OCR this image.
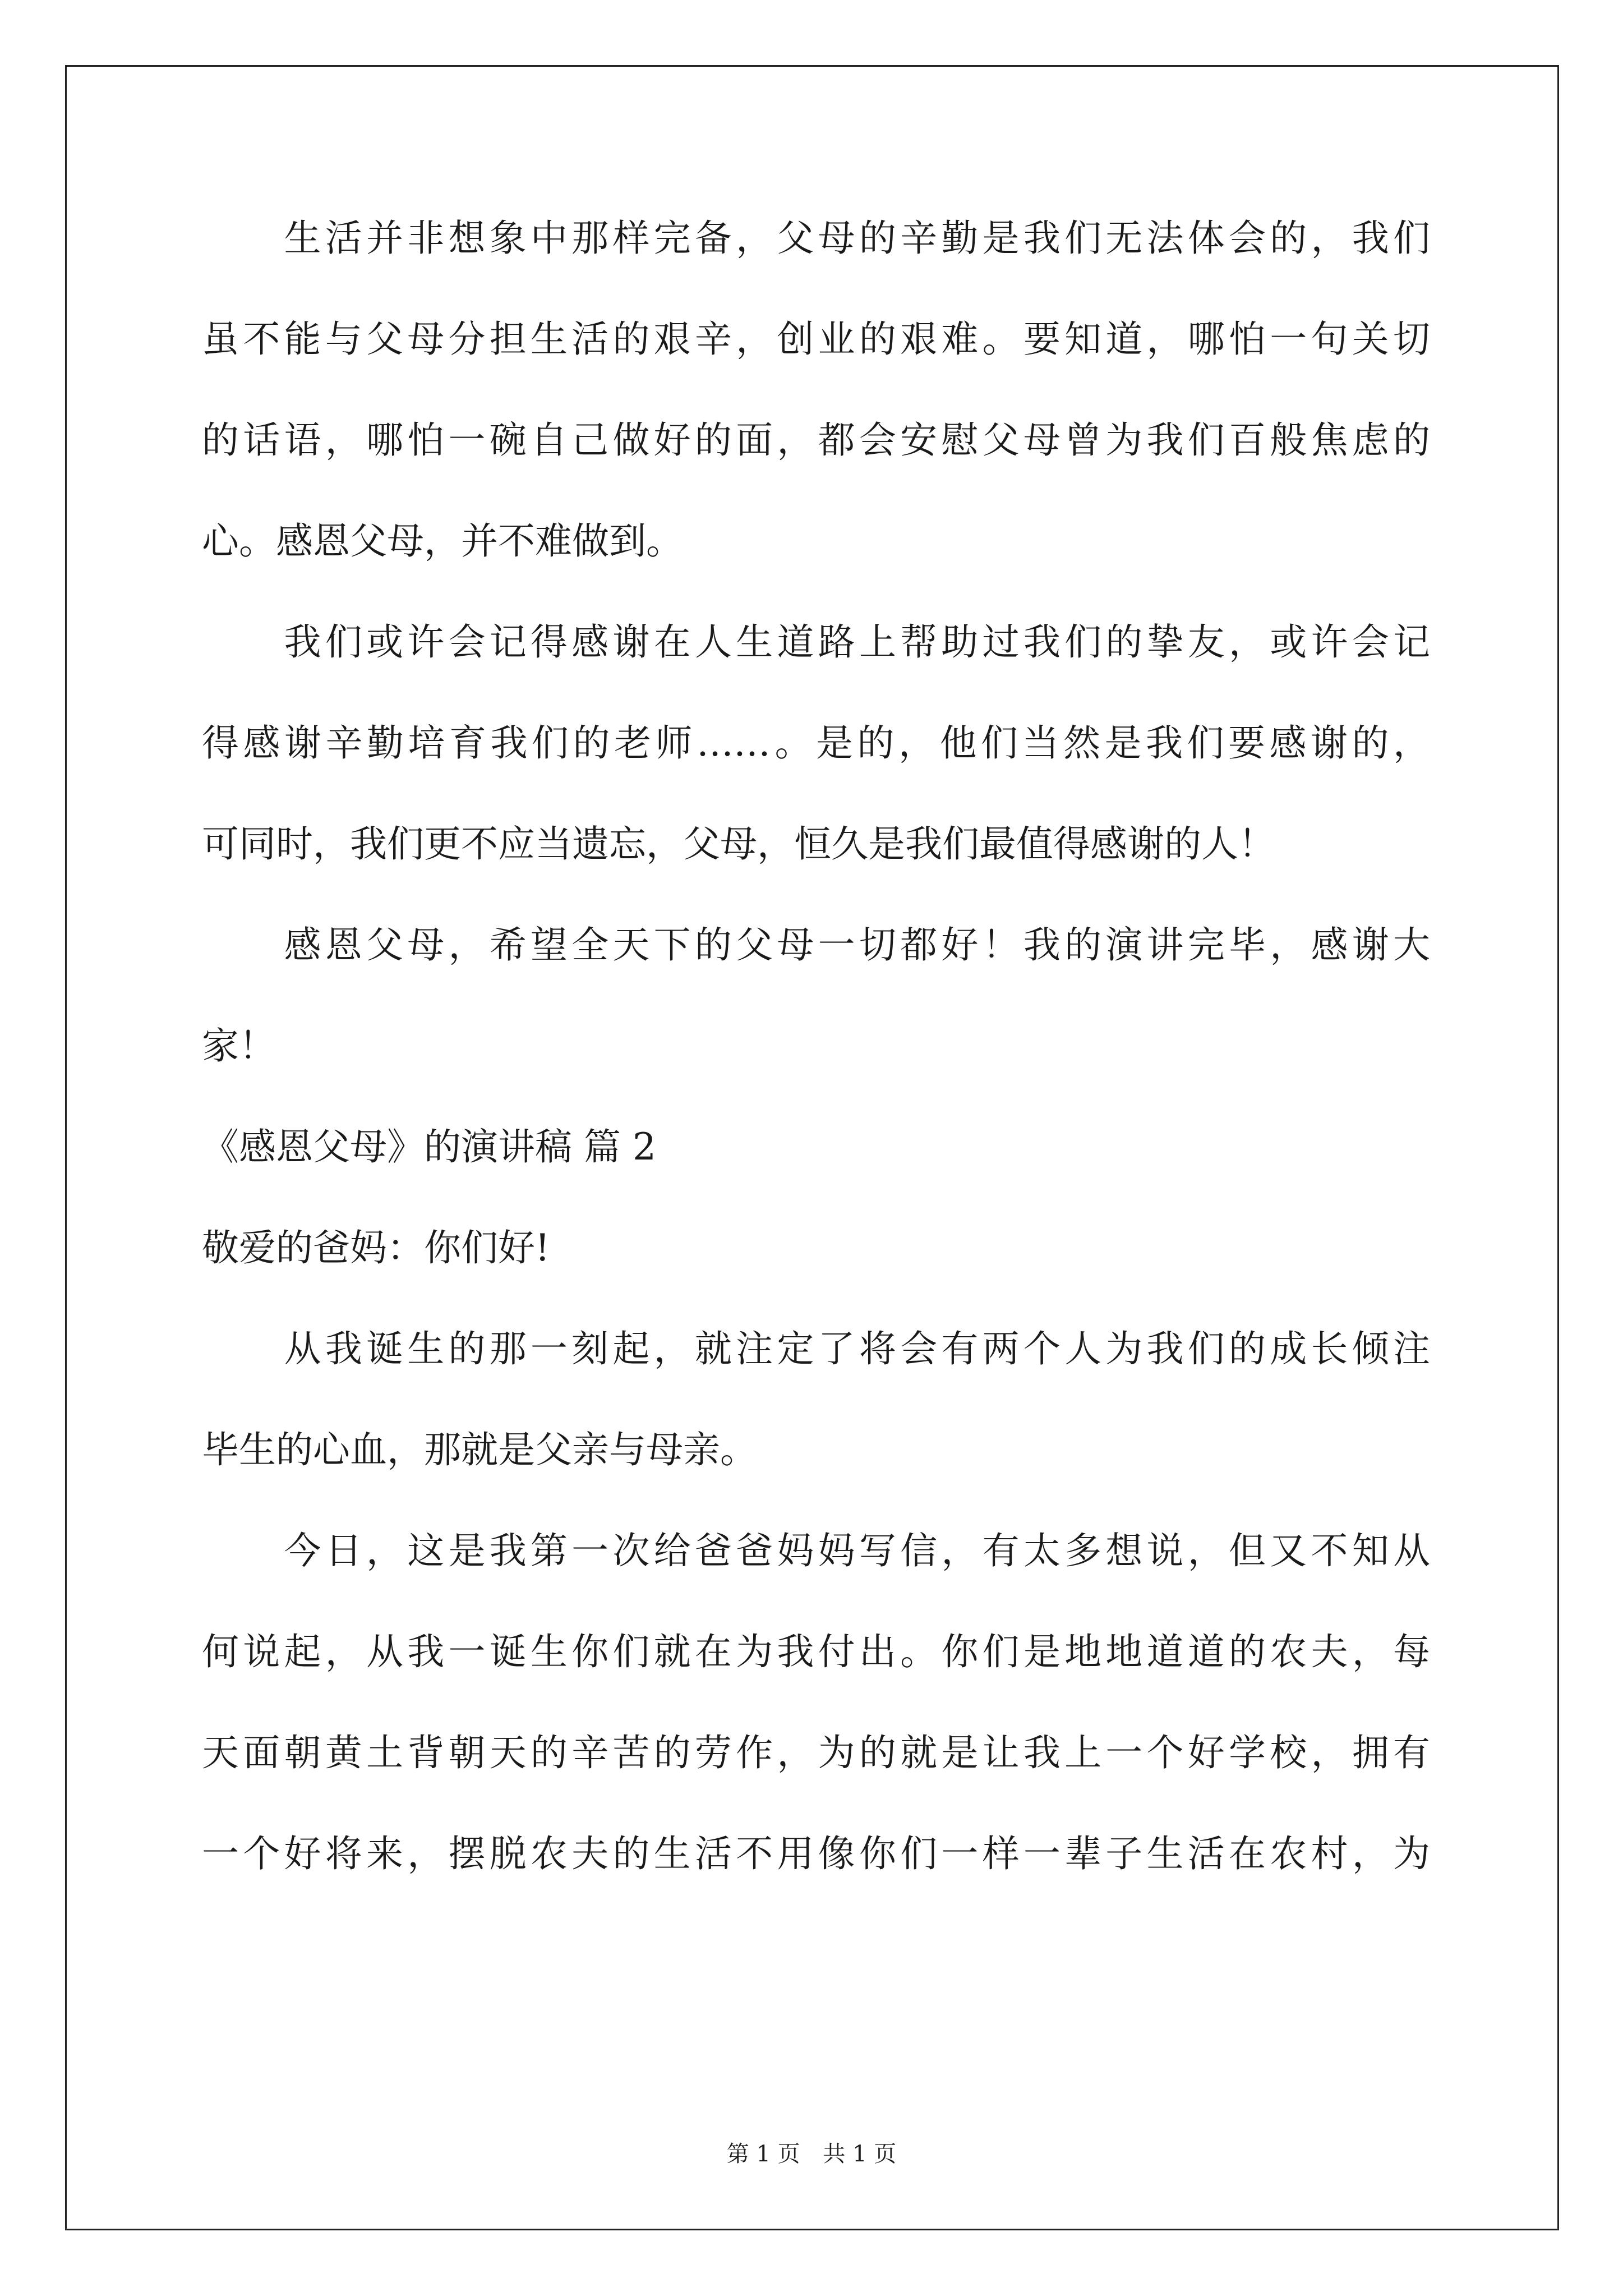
　　生活并非想象中那样完备，父母的辛勤是我们无法体会的，我们
虽不能与父母分担生活的艰辛，创业的艰难。要知道，哪怕一句关切
的话语，哪怕一碗自己做好的面，都会安慰父母曾为我们百般焦虑的
心。感恩父母，并不难做到。
　　我们或许会记得感谢在人生道路上帮助过我们的挚友，或许会记
得感谢辛勤培育我们的老师……。是的，他们当然是我们要感谢的，
可同时，我们更不应当遗忘，父母，恒久是我们最值得感谢的人！
　　感恩父母，希望全天下的父母一切都好！我的演讲完毕，感谢大
家！
《感恩父母》的演讲稿 篇 2
敬爱的爸妈：你们好!
　　从我诞生的那一刻起，就注定了将会有两个人为我们的成长倾注
毕生的心血，那就是父亲与母亲。
　　今日，这是我第一次给爸爸妈妈写信，有太多想说，但又不知从
何说起，从我一诞生你们就在为我付出。你们是地地道道的农夫，每
天面朝黄土背朝天的辛苦的劳作，为的就是让我上一个好学校，拥有
一个好将来，摆脱农夫的生活不用像你们一样一辈子生活在农村，为
第 1 页 共 1 页
